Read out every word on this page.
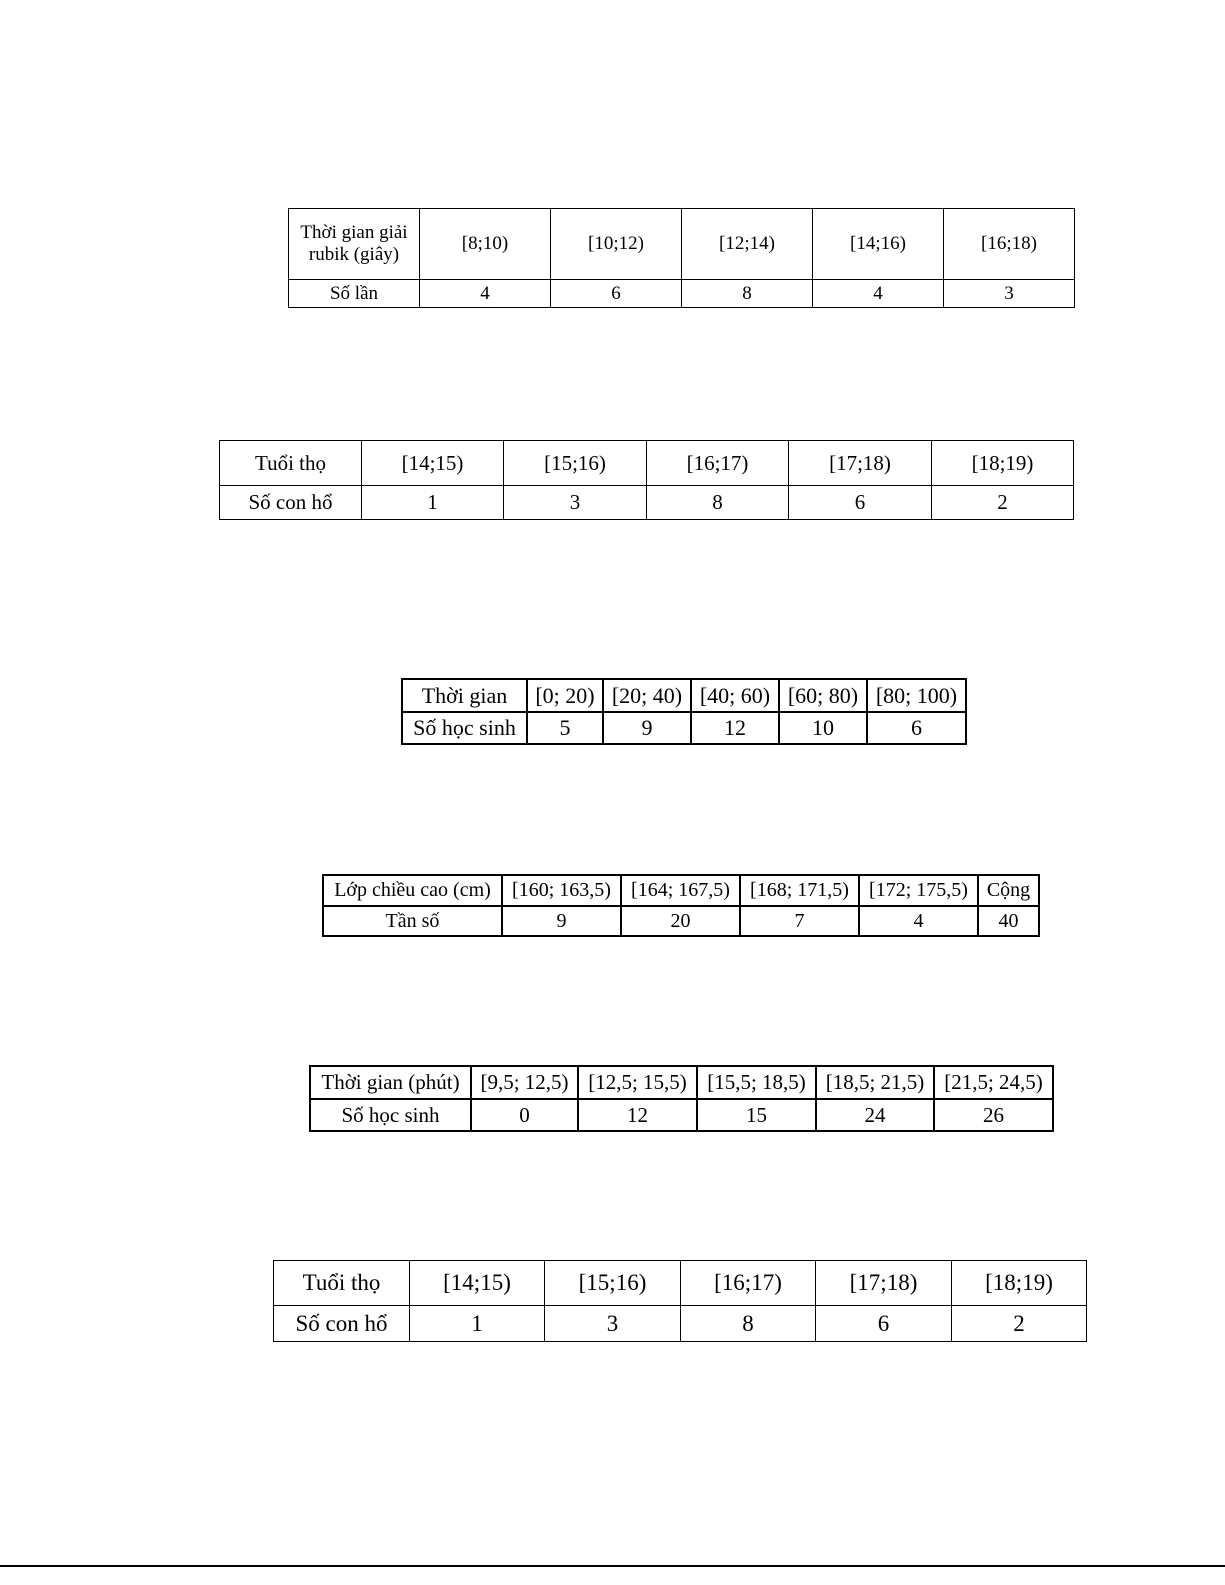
Thời gian giải rubik (giây)	[8;10)	[10;12)	[12;14)	[14;16)	[16;18)
Số lần	4	6	8	4	3
Tuổi thọ	[14;15)	[15;16)	[16;17)	[17;18)	[18;19)
Số con hổ	1	3	8	6	2
Thời gian	[0; 20)	[20; 40)	[40; 60)	[60; 80)	[80; 100)
Số học sinh	5	9	12	10	6
Lớp chiều cao (cm)	[160; 163,5)	[164; 167,5)	[168; 171,5)	[172; 175,5)	Cộng
Tần số	9	20	7	4	40
Thời gian (phút)	[9,5; 12,5)	[12,5; 15,5)	[15,5; 18,5)	[18,5; 21,5)	[21,5; 24,5)
Số học sinh	0	12	15	24	26
Tuổi thọ	[14;15)	[15;16)	[16;17)	[17;18)	[18;19)
Số con hổ	1	3	8	6	2
